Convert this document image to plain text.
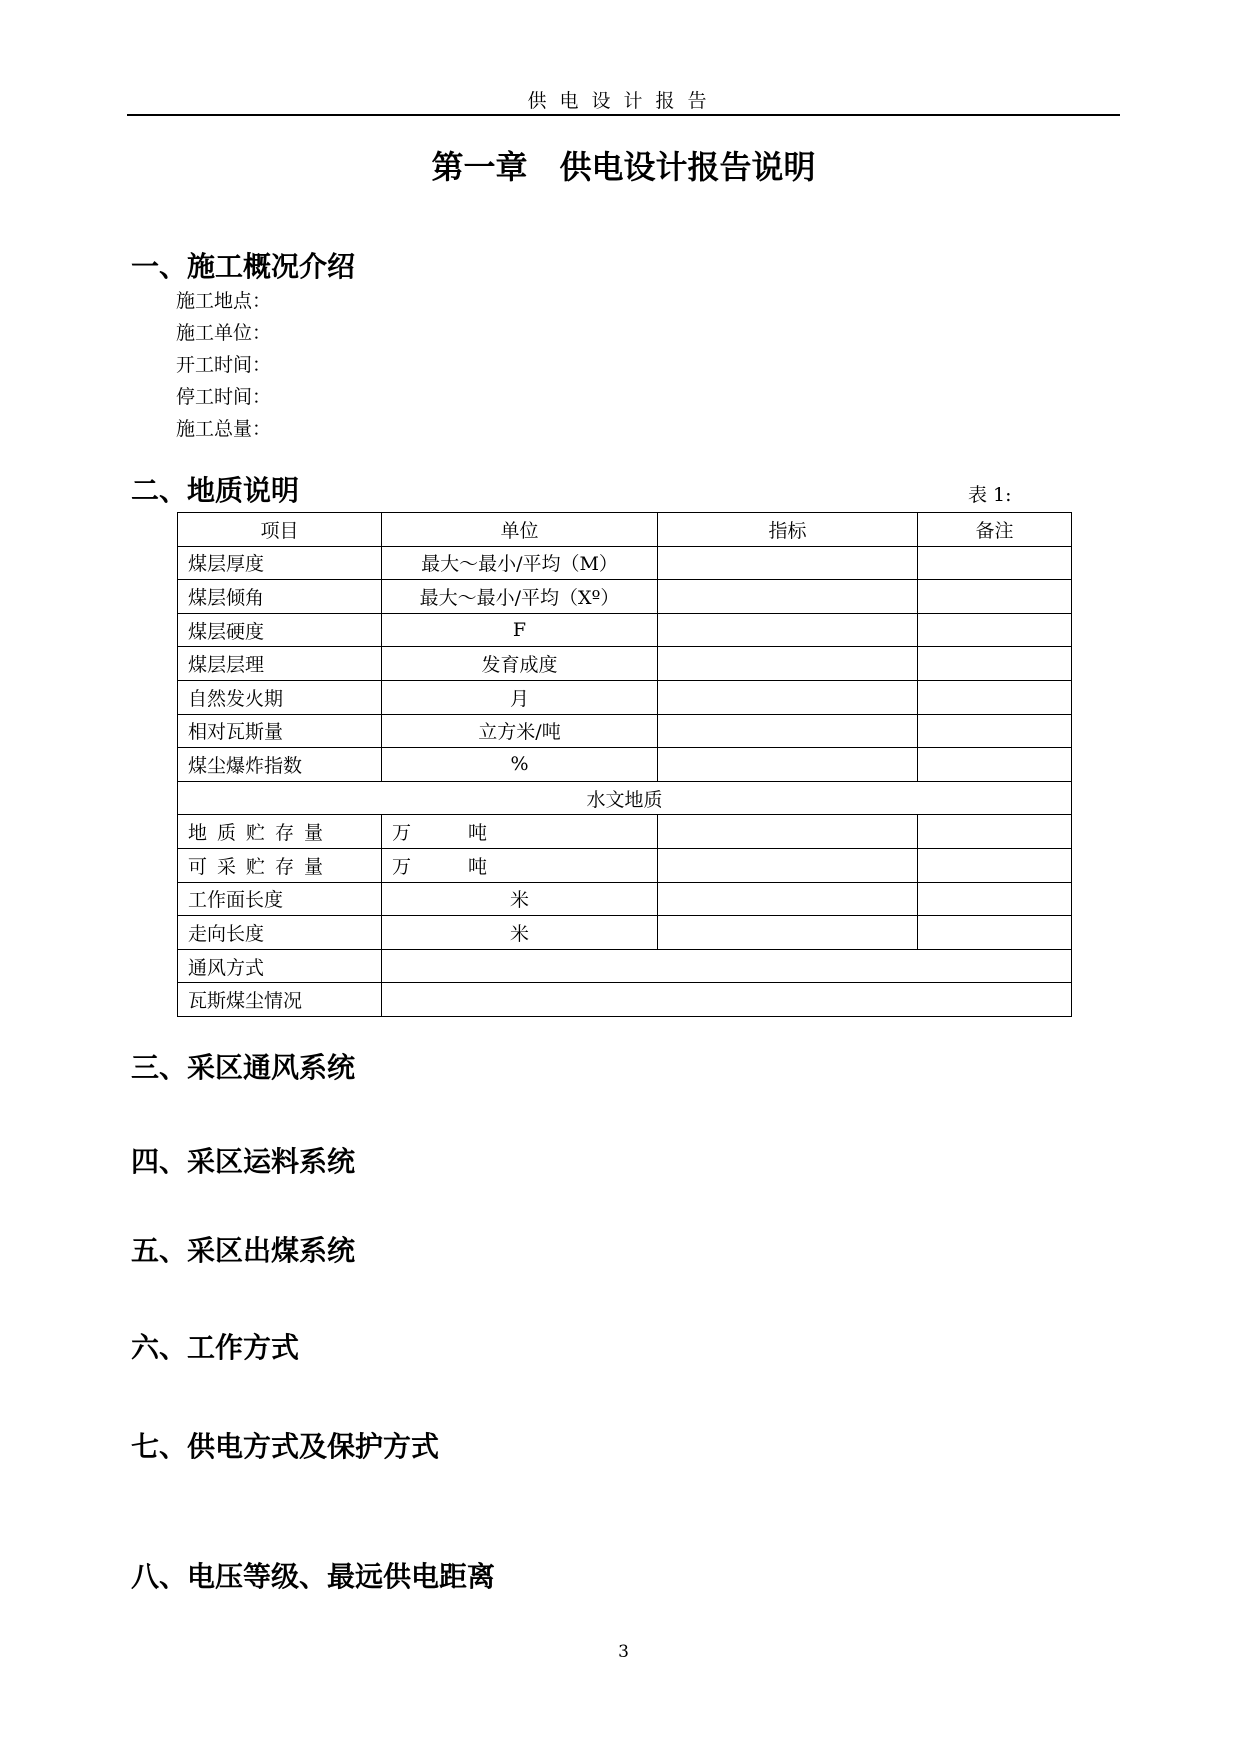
供电设计报告
第一章　供电设计报告说明
一、施工概况介绍
施工地点：
施工单位：
开工时间：
停工时间：
施工总量：
二、地质说明	表 1:
项目	单位	指标	备注
煤层厚度	最大～最小/平均（M）		
煤层倾角	最大～最小/平均（Xº）		
煤层硬度	F		
煤层层理	发育成度		
自然发火期	月		
相对瓦斯量	立方米/吨		
煤尘爆炸指数	%		
水文地质			
地质贮存量	万　　　吨		
可采贮存量	万　　　吨		
工作面长度	米		
走向长度	米		
通风方式			
瓦斯煤尘情况			
三、采区通风系统
四、采区运料系统
五、采区出煤系统
六、工作方式
七、供电方式及保护方式
八、电压等级、最远供电距离
3
